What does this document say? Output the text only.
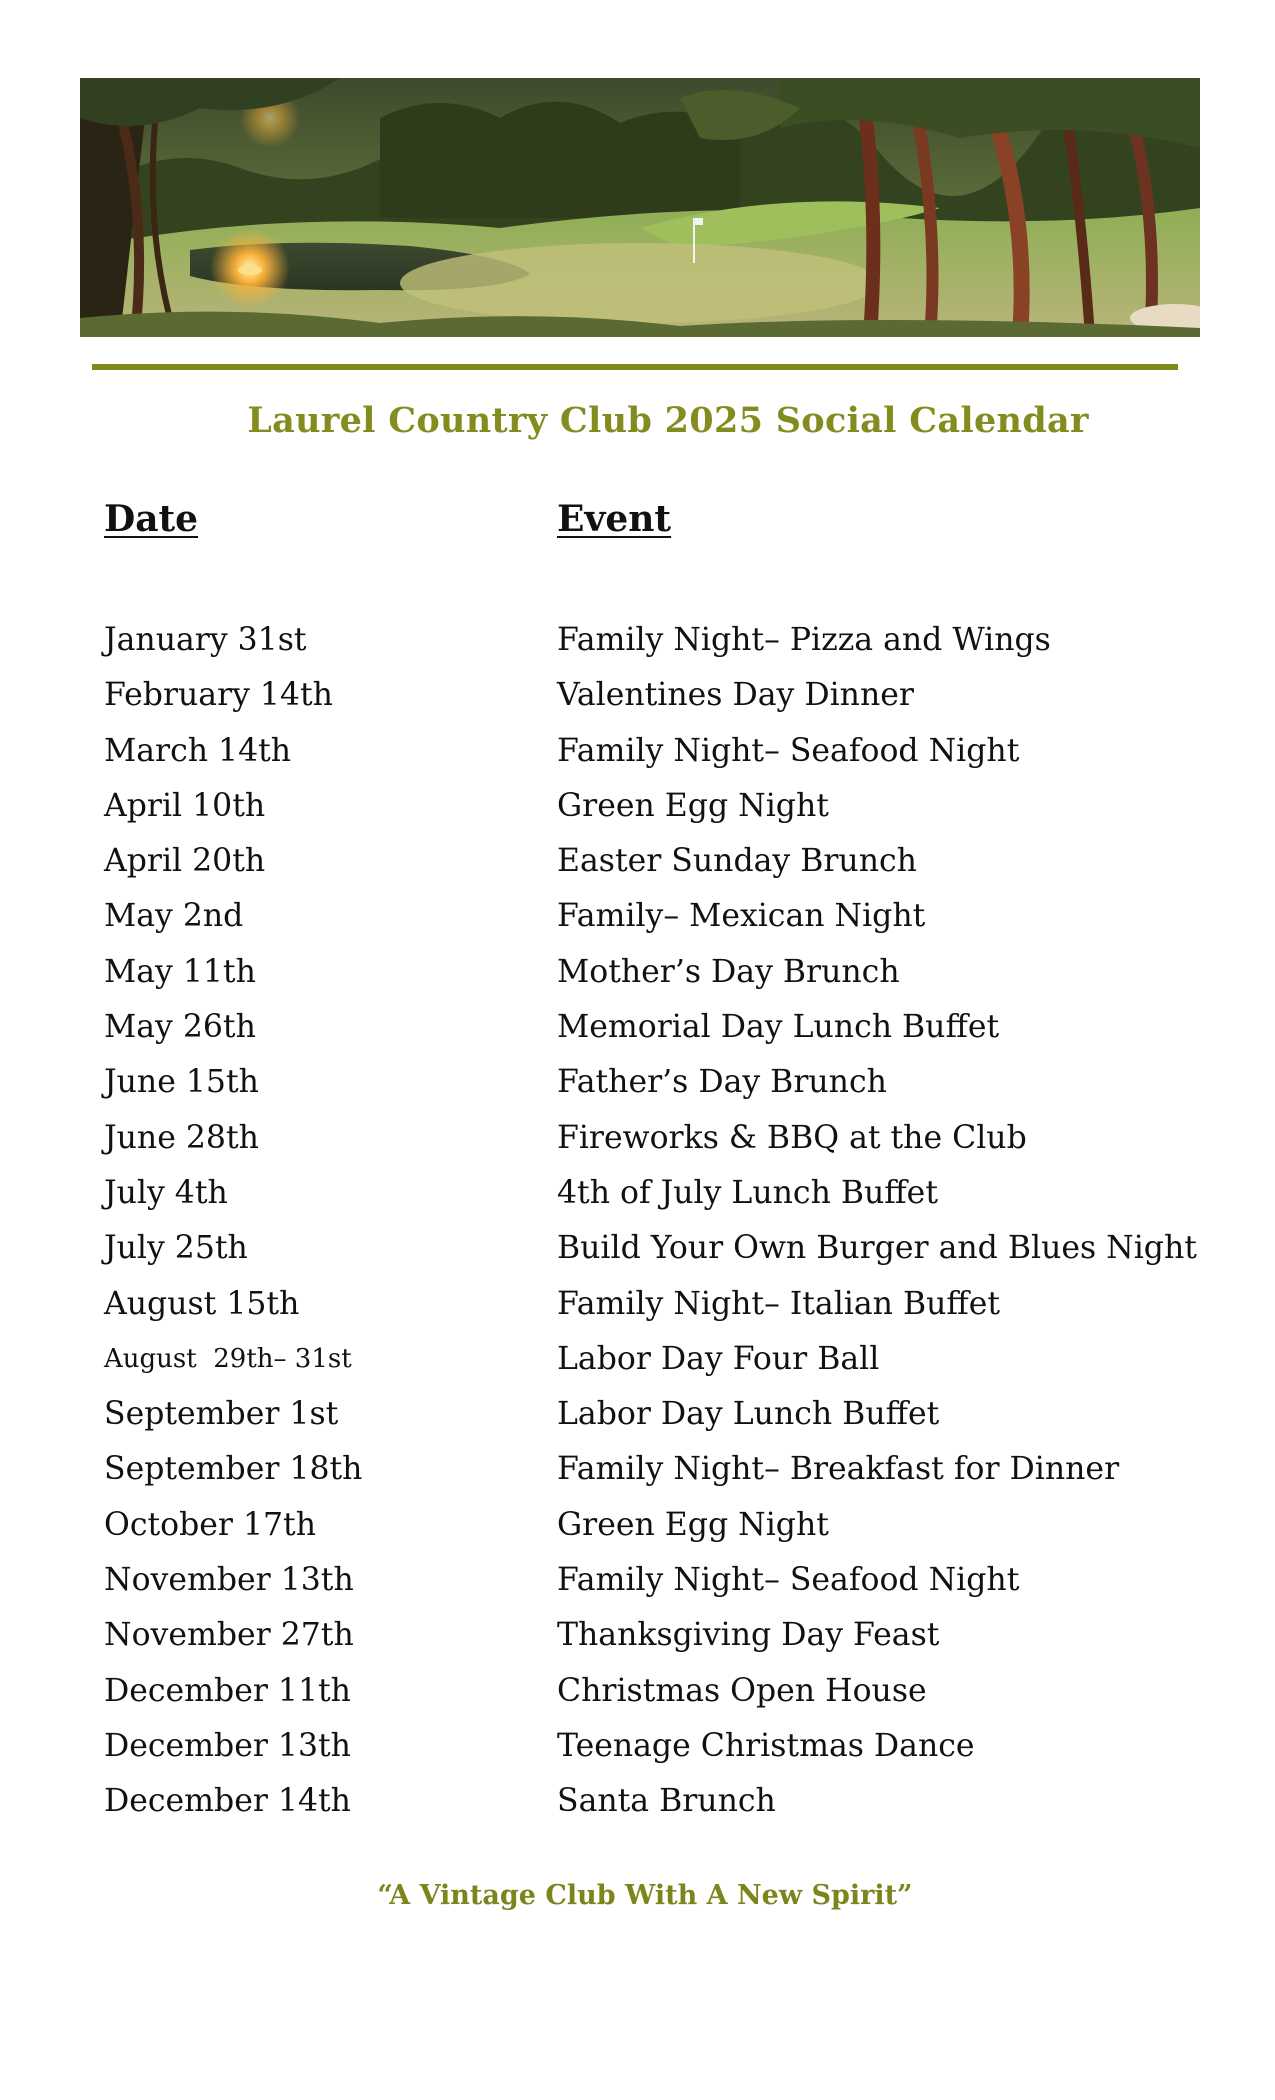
Laurel Country Club 2025 Social Calendar
Date	Event
January 31st	Family Night– Pizza and Wings
February 14th	Valentines Day Dinner
March 14th	Family Night– Seafood Night
April 10th	Green Egg Night
April 20th	Easter Sunday Brunch
May 2nd	Family– Mexican Night
May 11th	Mother’s Day Brunch
May 26th	Memorial Day Lunch Buffet
June 15th	Father’s Day Brunch
June 28th	Fireworks & BBQ at the Club
July 4th	4th of July Lunch Buffet
July 25th	Build Your Own Burger and Blues Night
August 15th	Family Night– Italian Buffet
August  29th– 31st	Labor Day Four Ball
September 1st	Labor Day Lunch Buffet
September 18th	Family Night– Breakfast for Dinner
October 17th	Green Egg Night
November 13th	Family Night– Seafood Night
November 27th	Thanksgiving Day Feast
December 11th	Christmas Open House
December 13th	Teenage Christmas Dance
December 14th	Santa Brunch
“A Vintage Club With A New Spirit”
